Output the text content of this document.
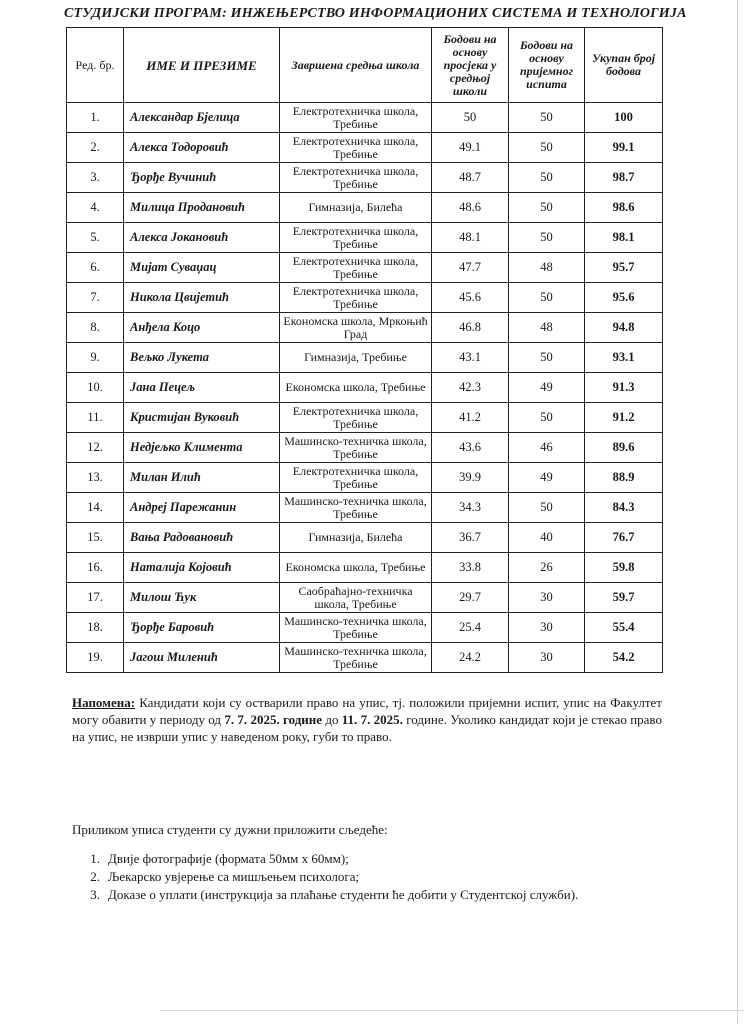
СТУДИЈСКИ ПРОГРАМ: ИНЖЕЊЕРСТВО ИНФОРМАЦИОНИХ СИСТЕМА И ТЕХНОЛОГИЈА
Ред. бр.	ИМЕ И ПРЕЗИМЕ	Завршена средња школа	Бодови на основу просјека у средњој школи	Бодови на основу пријемног испита	Укупан број бодова
1.	Александар Бјелица	Електротехничка школа, Требиње	50	50	100
2.	Алекса Тодоровић	Електротехничка школа, Требиње	49.1	50	99.1
3.	Ђорђе Вучинић	Електротехничка школа, Требиње	48.7	50	98.7
4.	Милица Продановић	Гимназија, Билећа	48.6	50	98.6
5.	Алекса Јокановић	Електротехничка школа, Требиње	48.1	50	98.1
6.	Мијат Суваџац	Електротехничка школа, Требиње	47.7	48	95.7
7.	Никола Цвијетић	Електротехничка школа, Требиње	45.6	50	95.6
8.	Анђела Коцо	Економска школа, Мркоњић Град	46.8	48	94.8
9.	Вељко Лукета	Гимназија, Требиње	43.1	50	93.1
10.	Јана Пецељ	Економска школа, Требиње	42.3	49	91.3
11.	Кристијан Вуковић	Електротехничка школа, Требиње	41.2	50	91.2
12.	Недјељко Климента	Машинско-техничка школа, Требиње	43.6	46	89.6
13.	Милан Илић	Електротехничка школа, Требиње	39.9	49	88.9
14.	Андреј Парежанин	Машинско-техничка школа, Требиње	34.3	50	84.3
15.	Вања Радовановић	Гимназија, Билећа	36.7	40	76.7
16.	Наталија Којовић	Економска школа, Требиње	33.8	26	59.8
17.	Милош Ћук	Саобраћајно-техничка школа, Требиње	29.7	30	59.7
18.	Ђорђе Баровић	Машинско-техничка школа, Требиње	25.4	30	55.4
19.	Јагош Миленић	Машинско-техничка школа, Требиње	24.2	30	54.2
Напомена: Кандидати који су остварили право на упис, тј. положили пријемни испит, упис на Факултет могу обавити у периоду од 7. 7. 2025. године до 11. 7. 2025. године. Уколико кандидат који је стекао право на упис, не изврши упис у наведеном року, губи то право.
Приликом уписа студенти су дужни приложити сљедеће:
1. Двије фотографије (формата 50мм x 60мм);
2. Љекарско увјерење са мишљењем психолога;
3. Доказе о уплати (инструкција за плаћање студенти ће добити у Студентској служби).
